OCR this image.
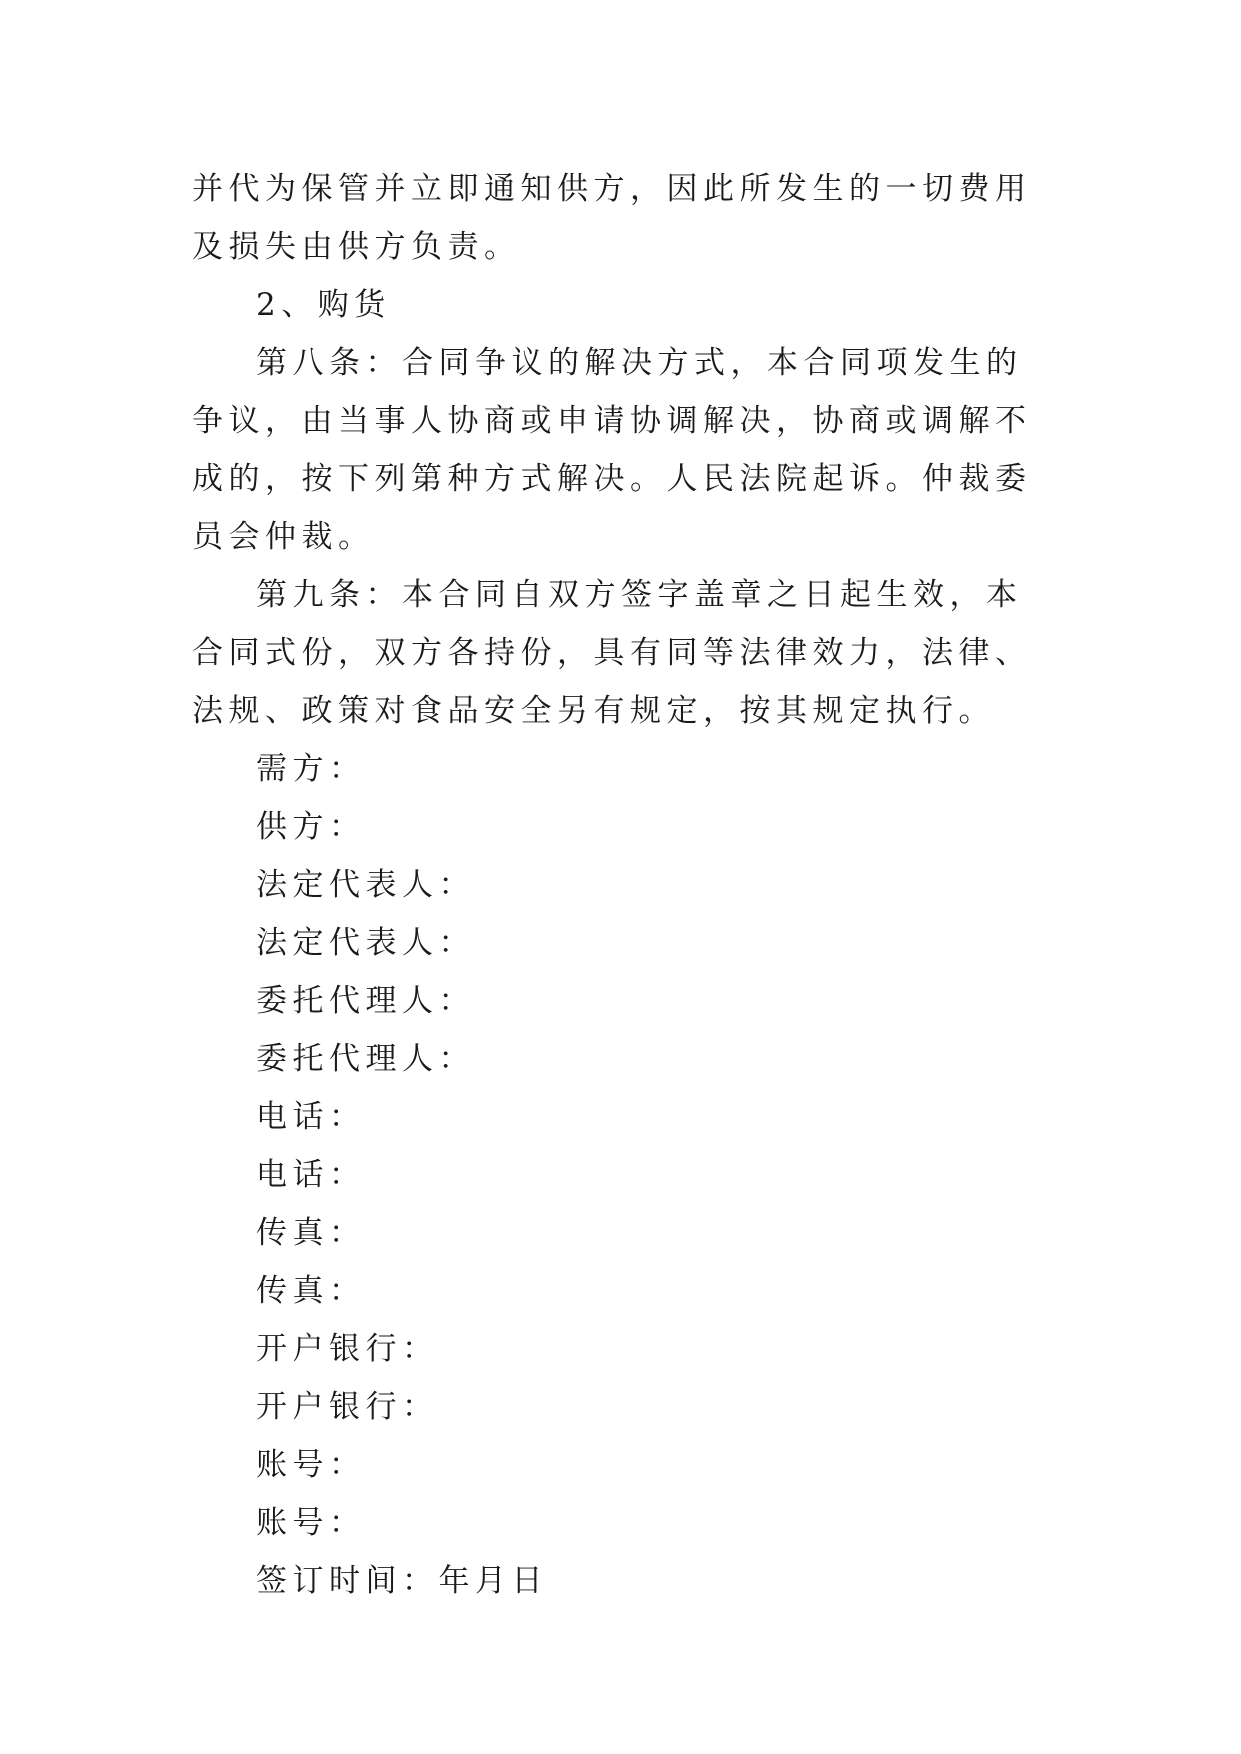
并代为保管并立即通知供方，因此所发生的一切费用及损失由供方负责。

2、购货

第八条：合同争议的解决方式，本合同项发生的争议，由当事人协商或申请协调解决，协商或调解不成的，按下列第种方式解决。人民法院起诉。仲裁委员会仲裁。

第九条：本合同自双方签字盖章之日起生效，本合同式份，双方各持份，具有同等法律效力，法律、法规、政策对食品安全另有规定，按其规定执行。

需方：

供方：

法定代表人：

法定代表人：

委托代理人：

委托代理人：

电话：

电话：

传真：

传真：

开户银行：

开户银行：

账号：

账号：

签订时间：年月日
